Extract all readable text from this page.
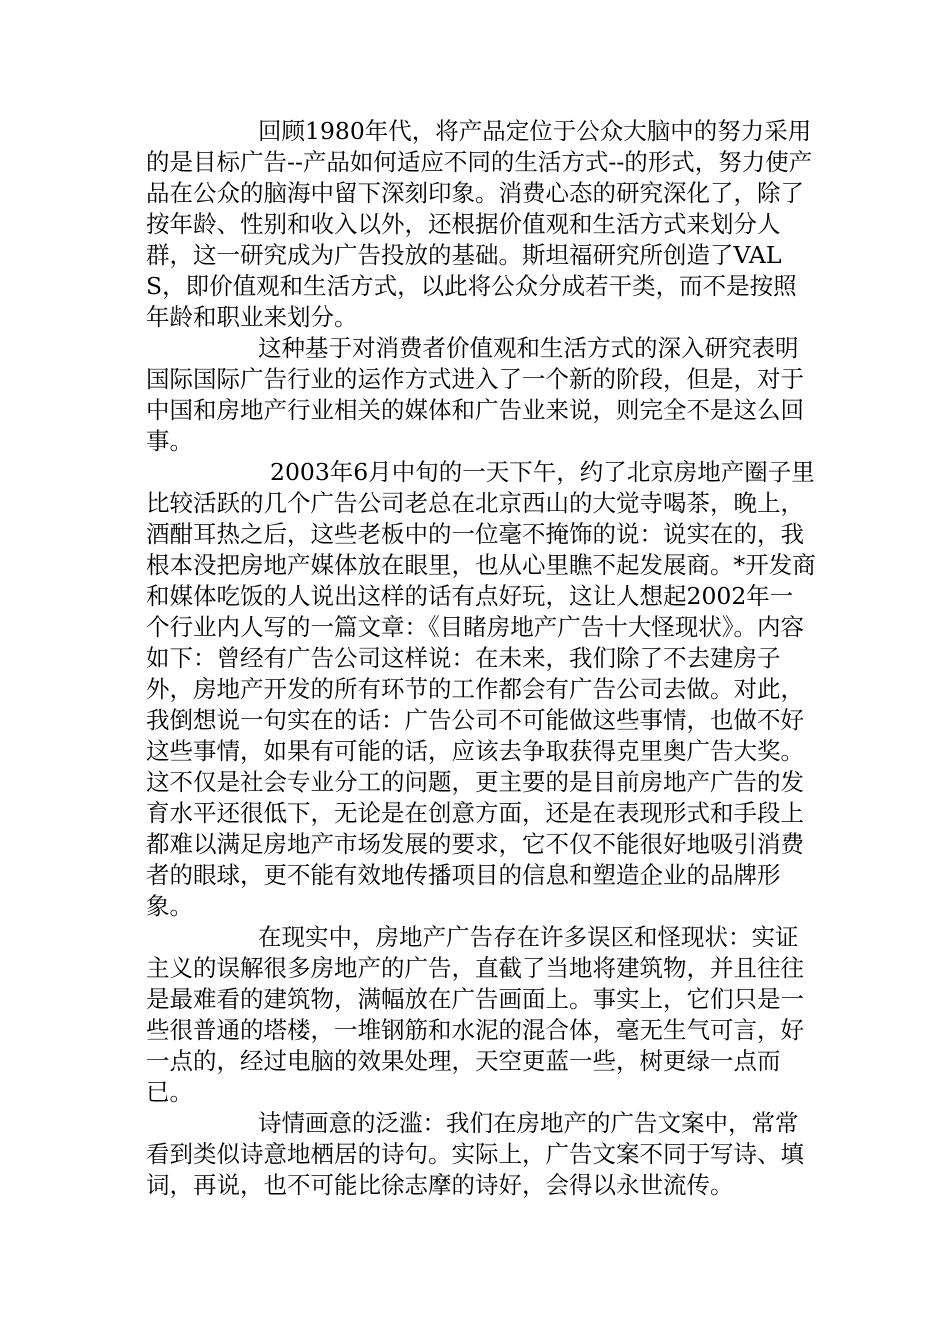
回顾1980年代，将产品定位于公众大脑中的努力采用的是目标广告--产品如何适应不同的生活方式--的形式，努力使产品在公众的脑海中留下深刻印象。消费心态的研究深化了，除了按年龄、性别和收入以外，还根据价值观和生活方式来划分人群，这一研究成为广告投放的基础。斯坦福研究所创造了VALS，即价值观和生活方式，以此将公众分成若干类，而不是按照年龄和职业来划分。

这种基于对消费者价值观和生活方式的深入研究表明国际国际广告行业的运作方式进入了一个新的阶段，但是，对于中国和房地产行业相关的媒体和广告业来说，则完全不是这么回事。

2003年6月中旬的一天下午，约了北京房地产圈子里比较活跃的几个广告公司老总在北京西山的大觉寺喝茶，晚上，酒酣耳热之后，这些老板中的一位毫不掩饰的说：说实在的，我根本没把房地产媒体放在眼里，也从心里瞧不起发展商。*开发商和媒体吃饭的人说出这样的话有点好玩，这让人想起2002年一个行业内人写的一篇文章：《目睹房地产广告十大怪现状》。内容如下：曾经有广告公司这样说：在未来，我们除了不去建房子外，房地产开发的所有环节的工作都会有广告公司去做。对此，我倒想说一句实在的话：广告公司不可能做这些事情，也做不好这些事情，如果有可能的话，应该去争取获得克里奥广告大奖。这不仅是社会专业分工的问题，更主要的是目前房地产广告的发育水平还很低下，无论是在创意方面，还是在表现形式和手段上都难以满足房地产市场发展的要求，它不仅不能很好地吸引消费者的眼球，更不能有效地传播项目的信息和塑造企业的品牌形象。

在现实中，房地产广告存在许多误区和怪现状：实证主义的误解很多房地产的广告，直截了当地将建筑物，并且往往是最难看的建筑物，满幅放在广告画面上。事实上，它们只是一些很普通的塔楼，一堆钢筋和水泥的混合体，毫无生气可言，好一点的，经过电脑的效果处理，天空更蓝一些，树更绿一点而已。

诗情画意的泛滥：我们在房地产的广告文案中，常常看到类似诗意地栖居的诗句。实际上，广告文案不同于写诗、填词，再说，也不可能比徐志摩的诗好，会得以永世流传。
